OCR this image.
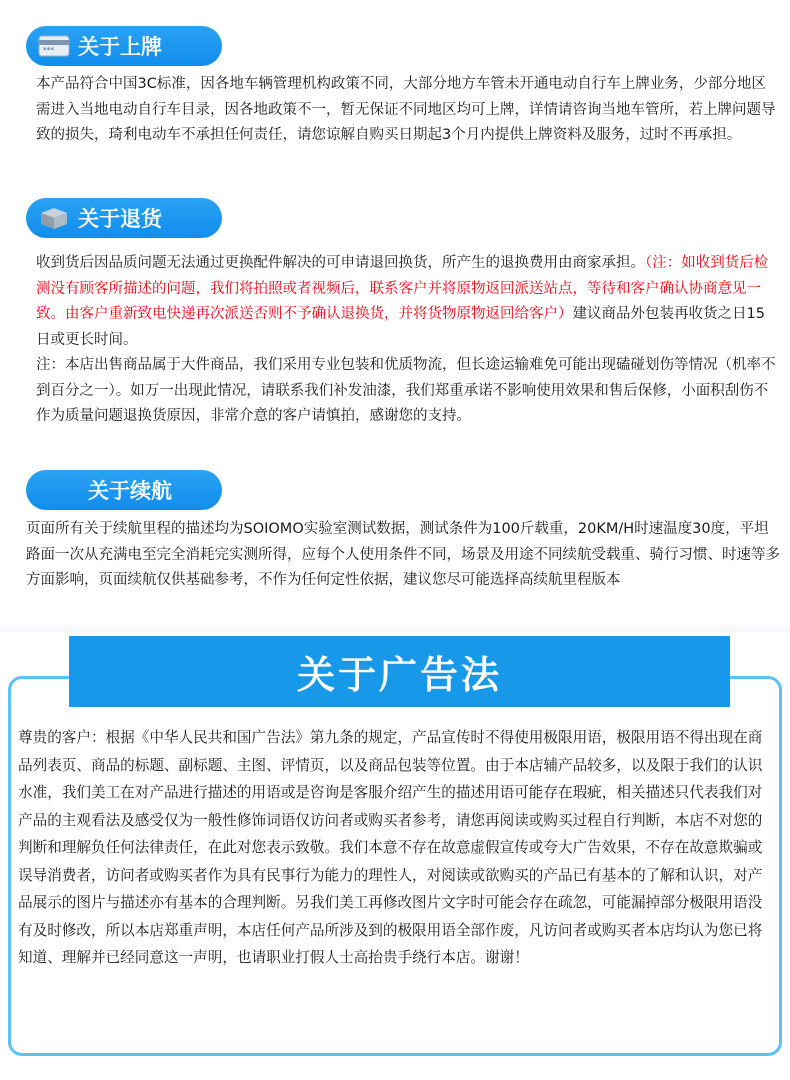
*** 关于上牌

本产品符合中国3C标准，因各地车辆管理机构政策不同，大部分地方车管未开通电动自行车上牌业务，少部分地区需进入当地电动自行车目录，因各地政策不一，暂无保证不同地区均可上牌，详情请咨询当地车管所，若上牌问题导致的损失，琦利电动车不承担任何责任，请您谅解自购买日期起3个月内提供上牌资料及服务，过时不再承担。

关于退货

收到货后因品质问题无法通过更换配件解决的可申请退回换货，所产生的退换费用由商家承担。（注：如收到货后检测没有顾客所描述的问题，我们将拍照或者视频后，联系客户并将原物返回派送站点，等待和客户确认协商意见一致。由客户重新致电快递再次派送否则不予确认退换货，并将货物原物返回给客户）建议商品外包装再收货之日15日或更长时间。

注：本店出售商品属于大件商品，我们采用专业包装和优质物流，但长途运输难免可能出现磕碰划伤等情况（机率不到百分之一）。如万一出现此情况，请联系我们补发油漆，我们郑重承诺不影响使用效果和售后保修，小面积刮伤不作为质量问题退换货原因，非常介意的客户请慎拍，感谢您的支持。

关于续航

页面所有关于续航里程的描述均为SOIOMO实验室测试数据，测试条件为100斤载重，20KM/H时速温度30度，平坦路面一次从充满电至完全消耗完实测所得，应每个人使用条件不同，场景及用途不同续航受载重、骑行习惯、时速等多方面影响，页面续航仅供基础参考，不作为任何定性依据，建议您尽可能选择高续航里程版本

关于广告法

尊贵的客户：根据《中华人民共和国广告法》第九条的规定，产品宣传时不得使用极限用语，极限用语不得出现在商品列表页、商品的标题、副标题、主图、评情页，以及商品包装等位置。由于本店辅产品较多，以及限于我们的认识水准，我们美工在对产品进行描述的用语或是咨询是客服介绍产生的描述用语可能存在瑕疵，相关描述只代表我们对产品的主观看法及感受仅为一般性修饰词语仅访问者或购买者参考，请您再阅读或购买过程自行判断，本店不对您的判断和理解负任何法律责任，在此对您表示致敬。我们本意不存在故意虚假宣传或夸大广告效果，不存在故意欺骗或误导消费者，访问者或购买者作为具有民事行为能力的理性人，对阅读或欲购买的产品已有基本的了解和认识，对产品展示的图片与描述亦有基本的合理判断。另我们美工再修改图片文字时可能会存在疏忽，可能漏掉部分极限用语没有及时修改，所以本店郑重声明，本店任何产品所涉及到的极限用语全部作废，凡访问者或购买者本店均认为您已将知道、理解并已经同意这一声明，也请职业打假人士高抬贵手绕行本店。谢谢！
